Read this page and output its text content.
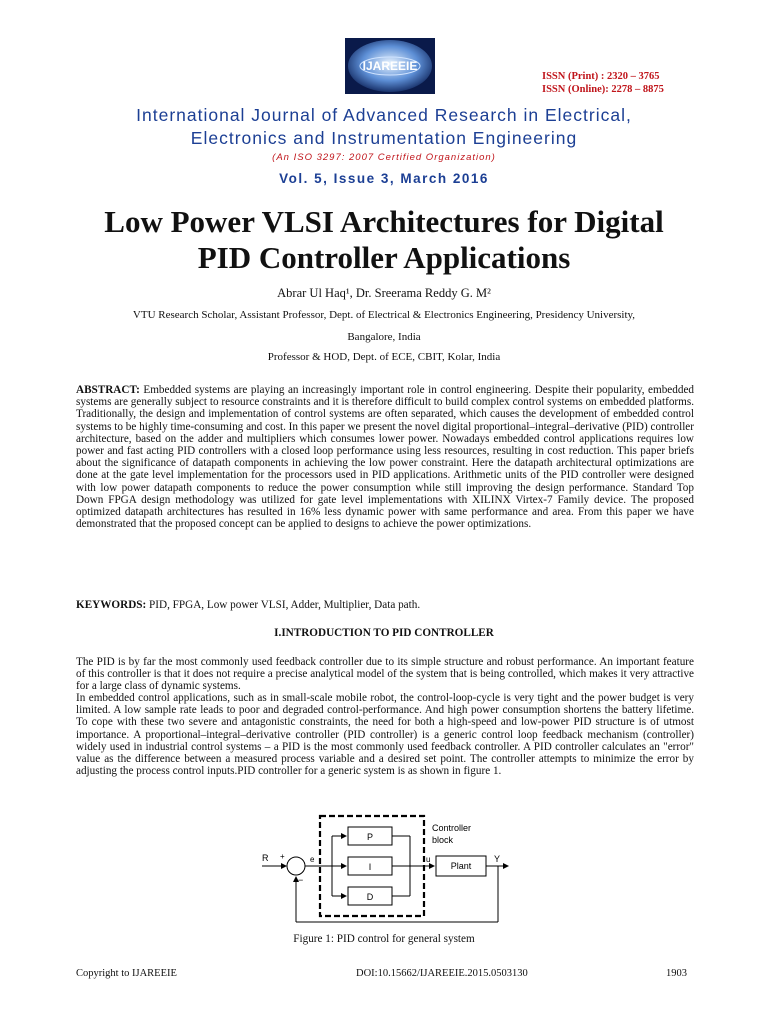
IJAREEIE
ISSN (Print) : 2320 – 3765
ISSN (Online): 2278 – 8875
International Journal of Advanced Research in Electrical,
Electronics and Instrumentation Engineering
(An ISO 3297: 2007 Certified Organization)
Vol. 5, Issue 3, March 2016
Low Power VLSI Architectures for Digital
PID Controller Applications
Abrar Ul Haq¹, Dr. Sreerama Reddy G. M²
VTU Research Scholar, Assistant Professor, Dept. of Electrical & Electronics Engineering, Presidency University,
Bangalore, India
Professor & HOD, Dept. of ECE, CBIT, Kolar, India
ABSTRACT: Embedded systems are playing an increasingly important role in control engineering. Despite their popularity, embedded systems are generally subject to resource constraints and it is therefore difficult to build complex control systems on embedded platforms. Traditionally, the design and implementation of control systems are often separated, which causes the development of embedded control systems to be highly time-consuming and cost. In this paper we present the novel digital proportional–integral–derivative (PID) controller architecture, based on the adder and multipliers which consumes lower power. Nowadays embedded control applications requires low power and fast acting PID controllers with a closed loop performance using less resources, resulting in cost reduction. This paper briefs about the significance of datapath components in achieving the low power constraint. Here the datapath architectural optimizations are done at the gate level implementation for the processors used in PID applications. Arithmetic units of the PID controller were designed with low power datapath components to reduce the power consumption while still improving the design performance. Standard Top Down FPGA design methodology was utilized for gate level implementations with XILINX Virtex-7 Family device. The proposed optimized datapath architectures has resulted in 16% less dynamic power with same performance and area. From this paper we have demonstrated that the proposed concept can be applied to designs to achieve the power optimizations.
KEYWORDS: PID, FPGA, Low power VLSI, Adder, Multiplier, Data path.
I.INTRODUCTION TO PID CONTROLLER
The PID is by far the most commonly used feedback controller due to its simple structure and robust performance. An important feature of this controller is that it does not require a precise analytical model of the system that is being controlled, which makes it very attractive for a large class of dynamic systems.
In embedded control applications, such as in small-scale mobile robot, the control-loop-cycle is very tight and the power budget is very limited. A low sample rate leads to poor and degraded control-performance. And high power consumption shortens the battery lifetime. To cope with these two severe and antagonistic constraints, the need for both a high-speed and low-power PID structure is of utmost importance. A proportional–integral–derivative controller (PID controller) is a generic control loop feedback mechanism (controller) widely used in industrial control systems – a PID is the most commonly used feedback controller. A PID controller calculates an "error" value as the difference between a measured process variable and a desired set point. The controller attempts to minimize the error by adjusting the process control inputs.PID controller for a generic system is as shown in figure 1.
Controller
block
R +
−
e
P
I
D
u
Plant
Y
Figure 1: PID control for general system
Copyright to IJAREEIE	DOI:10.15662/IJAREEIE.2015.0503130	1903
